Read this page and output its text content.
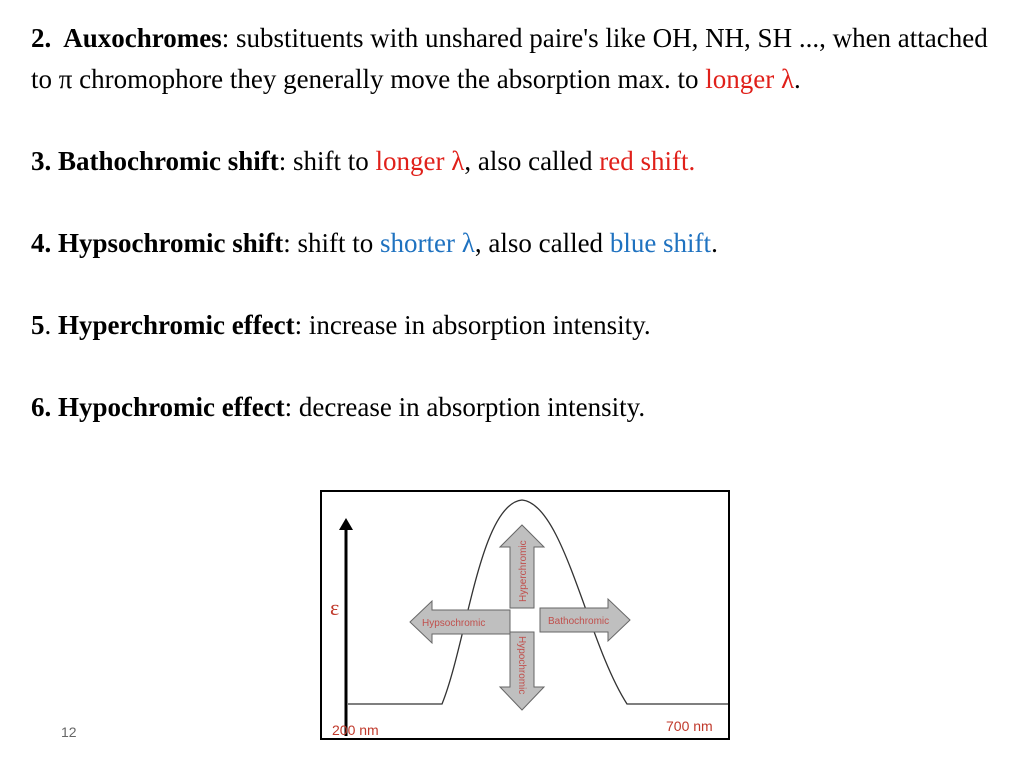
2. Auxochromes: substituents with unshared paire's like OH, NH, SH ..., when attached to π chromophore they generally move the absorption max. to longer λ.

3. Bathochromic shift: shift to longer λ, also called red shift.

4. Hypsochromic shift: shift to shorter λ, also called blue shift.

5. Hyperchromic effect: increase in absorption intensity.

6. Hypochromic effect: decrease in absorption intensity.

ε
Hyperchromic
Hypochromic
Hypsochromic	Bathochromic
200 nm	700 nm
12
